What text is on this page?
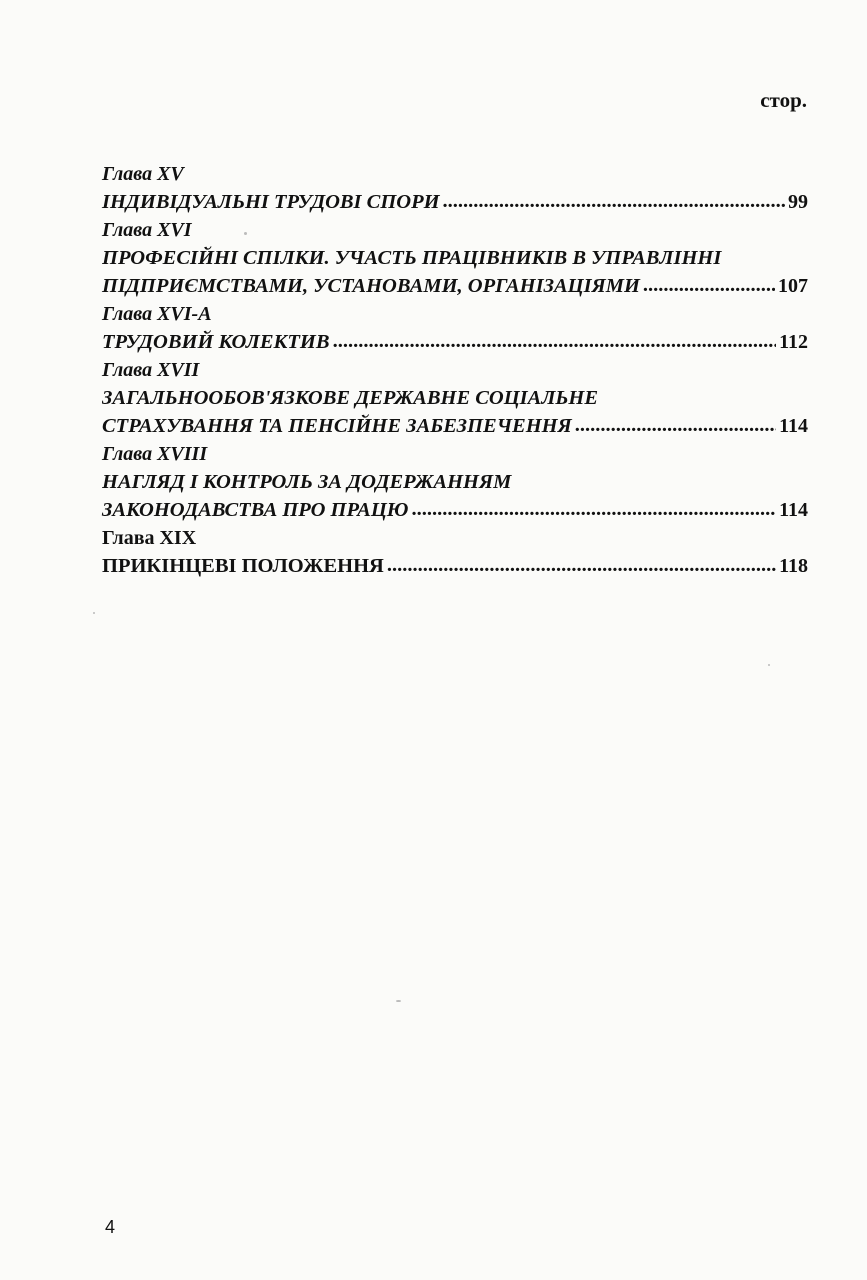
стор.
Глава XV
ІНДИВІДУАЛЬНІ ТРУДОВІ СПОРИ .....	99
Глава XVI
ПРОФЕСІЙНІ СПІЛКИ. УЧАСТЬ ПРАЦІВНИКІВ В УПРАВЛІННІ
ПІДПРИЄМСТВАМИ, УСТАНОВАМИ, ОРГАНІЗАЦІЯМИ .....	107
Глава XVI-А
ТРУДОВИЙ КОЛЕКТИВ .....	112
Глава XVII
ЗАГАЛЬНООБОВ'ЯЗКОВЕ ДЕРЖАВНЕ СОЦІАЛЬНЕ
СТРАХУВАННЯ ТА ПЕНСІЙНЕ ЗАБЕЗПЕЧЕННЯ .....	114
Глава XVIII
НАГЛЯД І КОНТРОЛЬ ЗА ДОДЕРЖАННЯМ
ЗАКОНОДАВСТВА ПРО ПРАЦЮ .....	114
Глава XIX
ПРИКІНЦЕВІ ПОЛОЖЕННЯ .....	118
4
